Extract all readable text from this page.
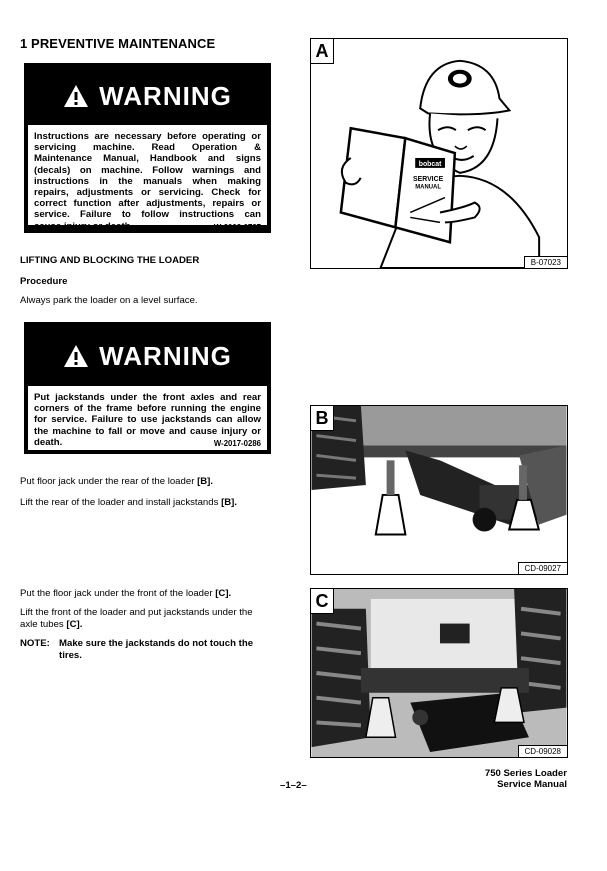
1 PREVENTIVE MAINTENANCE
WARNING
Instructions are necessary before operating or
servicing machine. Read Operation &
Maintenance Manual, Handbook and signs
(decals) on machine. Follow warnings and
instructions in the manuals when making
repairs, adjustments or servicing. Check for
correct function after adjustments, repairs or
service. Failure to follow instructions can
cause injury or death.	W-2003-0797
LIFTING AND BLOCKING THE LOADER
Procedure
Always park the loader on a level surface.
WARNING
Put jackstands under the front axles and rear
corners of the frame before running the engine
for service. Failure to use jackstands can allow
the machine to fall or move and cause injury or
death.	W-2017-0286
Put floor jack under the rear of the loader [B].
Lift the rear of the loader and install jackstands [B].
Put the floor jack under the front of the loader [C].
Lift the front of the loader and put jackstands under the
axle tubes [C].
NOTE: Make sure the jackstands do not touch the
tires.
bobcat
SERVICE
MANUAL
A
B-07023
B
CD-09027
C
CD-09028
–1–2–
750 Series Loader
Service Manual
